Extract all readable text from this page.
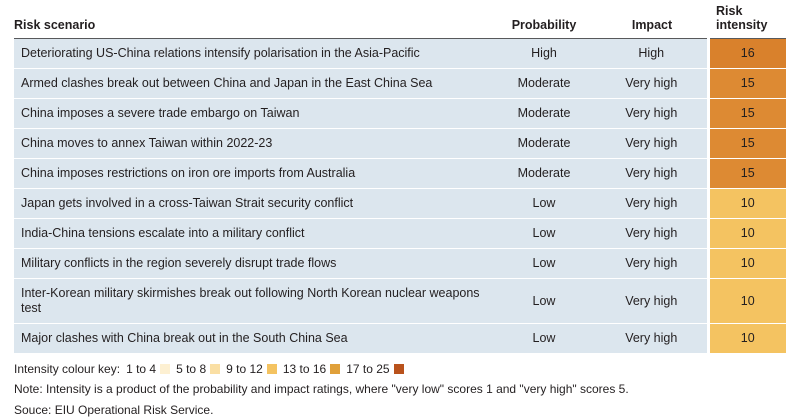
Risk scenario	Probability	Impact	Risk
intensity

Deteriorating US-China relations intensify polarisation in the Asia-Pacific	High	High	16
Armed clashes break out between China and Japan in the East China Sea	Moderate	Very high	15
China imposes a severe trade embargo on Taiwan	Moderate	Very high	15
China moves to annex Taiwan within 2022-23	Moderate	Very high	15
China imposes restrictions on iron ore imports from Australia	Moderate	Very high	15
Japan gets involved in a cross-Taiwan Strait security conflict	Low	Very high	10
India-China tensions escalate into a military conflict	Low	Very high	10
Military conflicts in the region severely disrupt trade flows	Low	Very high	10
Inter-Korean military skirmishes break out following North Korean nuclear weapons test	Low	Very high	10
Major clashes with China break out in the South China Sea	Low	Very high	10
Intensity colour key: 1 to 4 5 to 8 9 to 12 13 to 16 17 to 25
Note: Intensity is a product of the probability and impact ratings, where "very low" scores 1 and "very high" scores 5.
Souce: EIU Operational Risk Service.
